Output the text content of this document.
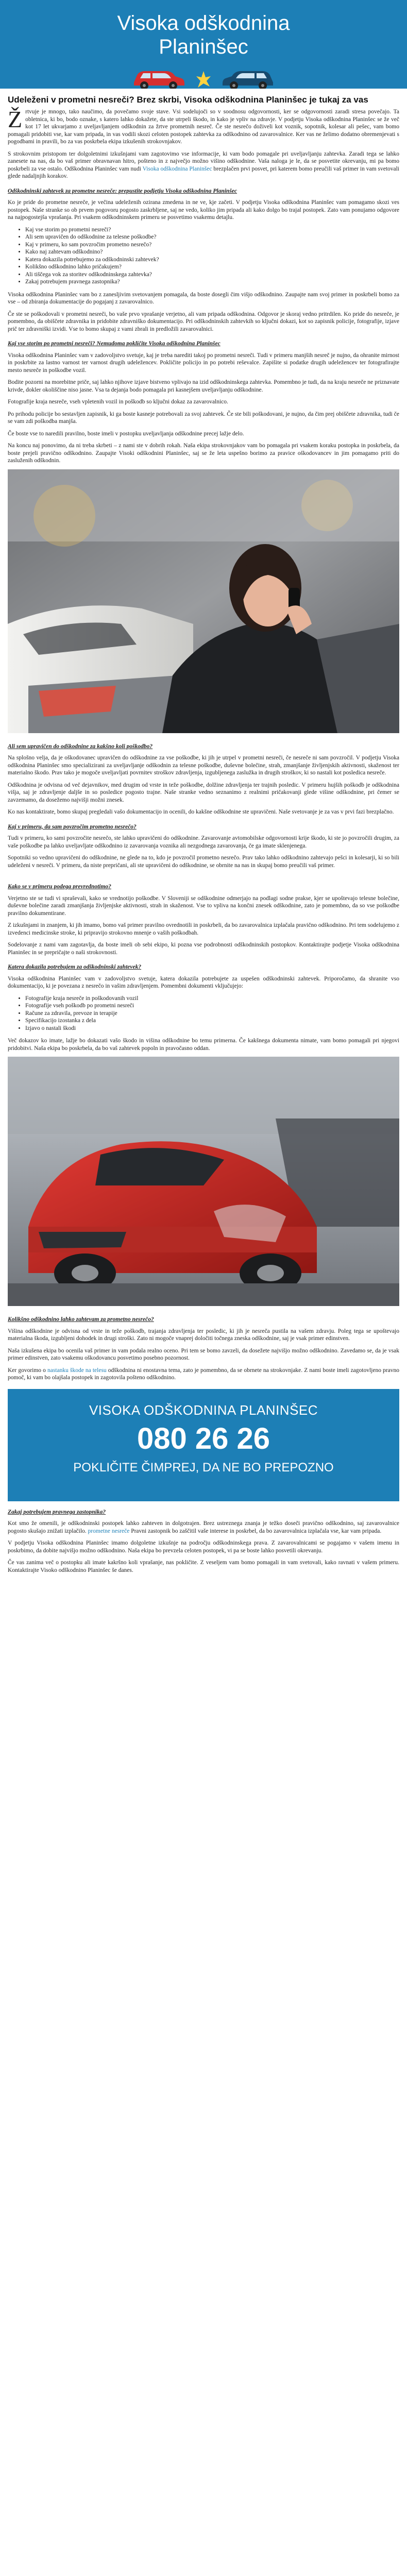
Visoka odškodnina
Planinšec
Udeleženi v prometni nesreči? Brez skrbi, Visoka odškodnina Planinšec je tukaj za vas

Ž rtvuje je mnogo, tako naučimo, da povečamo svoje stave. Vsi sodelujoči so v soodnosu odgovornosti, ker se odgovornosti zaradi stresa povečajo. Ta obletnica, ki bo, bodo oznake, s katero lahko dokažete, da ste utrpeli škodo, in kako je vpliv na zdravje. V podjetju Visoka odškodnina Planinšec se že več kot 17 let ukvarjamo z uveljavljanjem odškodnin za žrtve prometnih nesreč. Če ste nesrečo doživeli kot voznik, sopotnik, kolesar ali pešec, vam bomo pomagali pridobiti vse, kar vam pripada, in vas vodili skozi celoten postopek zahtevka za odškodnino od zavarovalnice. Ker vas ne želimo dodatno obremenjevati s pogodbami in pravili, bo za vas poskrbela ekipa izkušenih strokovnjakov.

S strokovnim pristopom ter dolgoletnimi izkušnjami vam zagotovimo vse informacije, ki vam bodo pomagale pri uveljavljanju zahtevka. Zaradi tega se lahko zanesete na nas, da bo vaš primer obravnavan hitro, pošteno in z največjo možno višino odškodnine. Vaša naloga je le, da se posvetite okrevanju, mi pa bomo poskrbeli za vse ostalo. Odškodnina Planinšec vam nudi Visoka odškodnina Planinšec brezplačen prvi posvet, pri katerem bomo preučili vaš primer in vam svetovali glede nadaljnjih korakov.

Odškodninski zahtevek za prometne nesreče: prepustite podjetju Visoka odškodnina Planinšec

Ko je pride do prometne nesreče, je večina udeleženih ozirana zmedena in ne ve, kje začeti. V podjetju Visoka odškodnina Planinšec vam pomagamo skozi ves postopek. Naše stranke so ob prvem pogovoru pogosto zaskrbljene, saj ne vedo, koliko jim pripada ali kako dolgo bo trajal postopek. Zato vam ponujamo odgovore na najpogostejša vprašanja. Pri vsakem odškodninskem primeru se posvetimo vsakemu detajlu.

• Kaj vse storim po prometni nesreči?
• Ali sem upravičen do odškodnine za telesne poškodbe?
• Kaj v primeru, ko sam povzročim prometno nesrečo?
• Kako naj zahtevam odškodnino?
• Katera dokazila potrebujemo za odškodninski zahtevek?
• Kolikšno odškodnino lahko pričakujem?
• Ali tiščega vok za storitev odškodninskega zahtevka?
• Zakaj potrebujem pravnega zastopnika?

Visoka odškodnina Planinšec vam bo z zanesljivim svetovanjem pomagala, da boste dosegli čim višjo odškodnino. Zaupajte nam svoj primer in poskrbeli bomo za vse – od zbiranja dokumentacije do pogajanj z zavarovalnico.

Če ste se poškodovali v prometni nesreči, bo vaše prvo vprašanje verjetno, ali vam pripada odškodnina. Odgovor je skoraj vedno pritrdilen. Ko pride do nesreče, je pomembno, da obiščete zdravnika in pridobite zdravniško dokumentacijo. Pri odškodninskih zahtevkih so ključni dokazi, kot so zapisnik policije, fotografije, izjave prič ter zdravniški izvidi. Vse to bomo skupaj z vami zbrali in predložili zavarovalnici.

Kaj vse storim po prometni nesreči? Nemudoma pokličite Visoka odškodnina Planinšec

Visoka odškodnina Planinšec vam v zadovoljstvo svetuje, kaj je treba narediti takoj po prometni nesreči. Tudi v primeru manjših nesreč je nujno, da ohranite mirnost in poskrbite za lastno varnost ter varnost drugih udeležencev. Pokličite policijo in po potrebi reševalce. Zapišite si podatke drugih udeležencev ter fotografirajte mesto nesreče in poškodbe vozil.

Bodite pozorni na morebitne priče, saj lahko njihove izjave bistveno vplivajo na izid odškodninskega zahtevka. Pomembno je tudi, da na kraju nesreče ne priznavate krivde, dokler okoliščine niso jasne. Vsa ta dejanja bodo pomagala pri kasnejšem uveljavljanju odškodnine.

Fotografije kraja nesreče, vseh vpletenih vozil in poškodb so ključni dokaz za zavarovalnico.

Po prihodu policije bo sestavljen zapisnik, ki ga boste kasneje potrebovali za svoj zahtevek. Če ste bili poškodovani, je nujno, da čim prej obiščete zdravnika, tudi če se vam zdi poškodba manjša.

Če boste vse to naredili pravilno, boste imeli v postopku uveljavljanja odškodnine precej lažje delo.

Na koncu naj ponovimo, da ni treba skrbeti – z nami ste v dobrih rokah. Naša ekipa strokovnjakov vam bo pomagala pri vsakem koraku postopka in poskrbela, da boste prejeli pravično odškodnino. Zaupajte Visoki odškodnini Planinšec, saj se že leta uspešno borimo za pravice oškodovancev in jim pomagamo priti do zasluženih odškodnin.

Ali sem upravičen do odškodnine za kakšno koli poškodbo?

Na splošno velja, da je oškodovanec upravičen do odškodnine za vse poškodbe, ki jih je utrpel v prometni nesreči, če nesreče ni sam povzročil. V podjetju Visoka odškodnina Planinšec smo specializirani za uveljavljanje odškodnin za telesne poškodbe, duševne bolečine, strah, zmanjšanje življenjskih aktivnosti, skaženost ter materialno škodo. Prav tako je mogoče uveljavljati povrnitev stroškov zdravljenja, izgubljenega zaslužka in drugih stroškov, ki so nastali kot posledica nesreče.

Odškodnina je odvisna od več dejavnikov, med drugim od vrste in teže poškodbe, dolžine zdravljenja ter trajnih posledic. V primeru hujših poškodb je odškodnina višja, saj je zdravljenje daljše in so posledice pogosto trajne. Naše stranke vedno seznanimo z realnimi pričakovanji glede višine odškodnine, pri čemer se zavzemamo, da dosežemo najvišji možni znesek.

Ko nas kontaktirate, bomo skupaj pregledali vašo dokumentacijo in ocenili, do kakšne odškodnine ste upravičeni. Naše svetovanje je za vas v prvi fazi brezplačno.

Kaj v primeru, da sam povzročim prometno nesrečo?

Tudi v primeru, ko sami povzročite nesrečo, ste lahko upravičeni do odškodnine. Zavarovanje avtomobilske odgovornosti krije škodo, ki ste jo povzročili drugim, za vaše poškodbe pa lahko uveljavljate odškodnino iz zavarovanja voznika ali nezgodnega zavarovanja, če ga imate sklenjenega.

Sopotniki so vedno upravičeni do odškodnine, ne glede na to, kdo je povzročil prometno nesrečo. Prav tako lahko odškodnino zahtevajo pešci in kolesarji, ki so bili udeleženi v nesreči. V primeru, da niste prepričani, ali ste upravičeni do odškodnine, se obrnite na nas in skupaj bomo preučili vaš primer.

Kako se v primeru podega prevrednotimo?

Verjetno ste se tudi vi spraševali, kako se vrednotijo poškodbe. V Sloveniji se odškodnine odmerjajo na podlagi sodne prakse, kjer se upoštevajo telesne bolečine, duševne bolečine zaradi zmanjšanja življenjske aktivnosti, strah in skaženost. Vse to vpliva na končni znesek odškodnine, zato je pomembno, da so vse poškodbe pravilno dokumentirane.

Z izkušnjami in znanjem, ki jih imamo, bomo vaš primer pravilno ovrednotili in poskrbeli, da bo zavarovalnica izplačala pravično odškodnino. Pri tem sodelujemo z izvedenci medicinske stroke, ki pripravijo strokovno mnenje o vaših poškodbah.

Sodelovanje z nami vam zagotavlja, da boste imeli ob sebi ekipo, ki pozna vse podrobnosti odškodninskih postopkov. Kontaktirajte podjetje Visoka odškodnina Planinšec in se prepričajte o naši strokovnosti.

Katera dokazila potrebujem za odškodninski zahtevek?

Visoka odškodnina Planinšec vam v zadovoljstvo svetuje, katera dokazila potrebujete za uspešen odškodninski zahtevek. Priporočamo, da shranite vso dokumentacijo, ki je povezana z nesrečo in vašim zdravljenjem. Pomembni dokumenti vključujejo:

• Fotografije kraja nesreče in poškodovanih vozil
• Fotografije vseh poškodb po prometni nesreči
• Račune za zdravila, prevoze in terapije
• Specifikacijo izostanka z dela
• Izjavo o nastali škodi

Več dokazov ko imate, lažje bo dokazati vašo škodo in višina odškodnine bo temu primerna. Če kakšnega dokumenta nimate, vam bomo pomagali pri njegovi pridobitvi. Naša ekipa bo poskrbela, da bo vaš zahtevek popoln in pravočasno oddan.

Kolikšno odškodnino lahko zahtevam za prometno nesrečo?

Višina odškodnine je odvisna od vrste in teže poškodb, trajanja zdravljenja ter posledic, ki jih je nesreča pustila na vašem zdravju. Poleg tega se upoštevajo materialna škoda, izgubljeni dohodek in drugi stroški. Zato ni mogoče vnaprej določiti točnega zneska odškodnine, saj je vsak primer edinstven.

Naša izkušena ekipa bo ocenila vaš primer in vam podala realno oceno. Pri tem se bomo zavzeli, da dosežete najvišjo možno odškodnino. Zavedamo se, da je vsak primer edinstven, zato vsakemu oškodovancu posvetimo posebno pozornost.

Ker govorimo o nastanku škode na telesu odškodnina ni enostavna tema, zato je pomembno, da se obrnete na strokovnjake. Z nami boste imeli zagotovljeno pravno pomoč, ki vam bo olajšala postopek in zagotovila pošteno odškodnino.

VISOKA ODŠKODNINA PLANINŠEC
080 26 26
POKLIČITE ČIMPREJ, DA NE BO PREPOZNO
Zakaj potrebujem pravnega zastopnika?

Kot smo že omenili, je odškodninski postopek lahko zahteven in dolgotrajen. Brez ustreznega znanja je težko doseči pravično odškodnino, saj zavarovalnice pogosto skušajo znižati izplačilo. prometne nesreče Pravni zastopnik bo zaščitil vaše interese in poskrbel, da bo zavarovalnica izplačala vse, kar vam pripada.

V podjetju Visoka odškodnina Planinšec imamo dolgoletne izkušnje na področju odškodninskega prava. Z zavarovalnicami se pogajamo v vašem imenu in poskrbimo, da dobite najvišjo možno odškodnino. Naša ekipa bo prevzela celoten postopek, vi pa se boste lahko posvetili okrevanju.

Če vas zanima več o postopku ali imate kakršno koli vprašanje, nas pokličite. Z veseljem vam bomo pomagali in vam svetovali, kako ravnati v vašem primeru. Kontaktirajte Visoko odškodnino Planinšec še danes.
